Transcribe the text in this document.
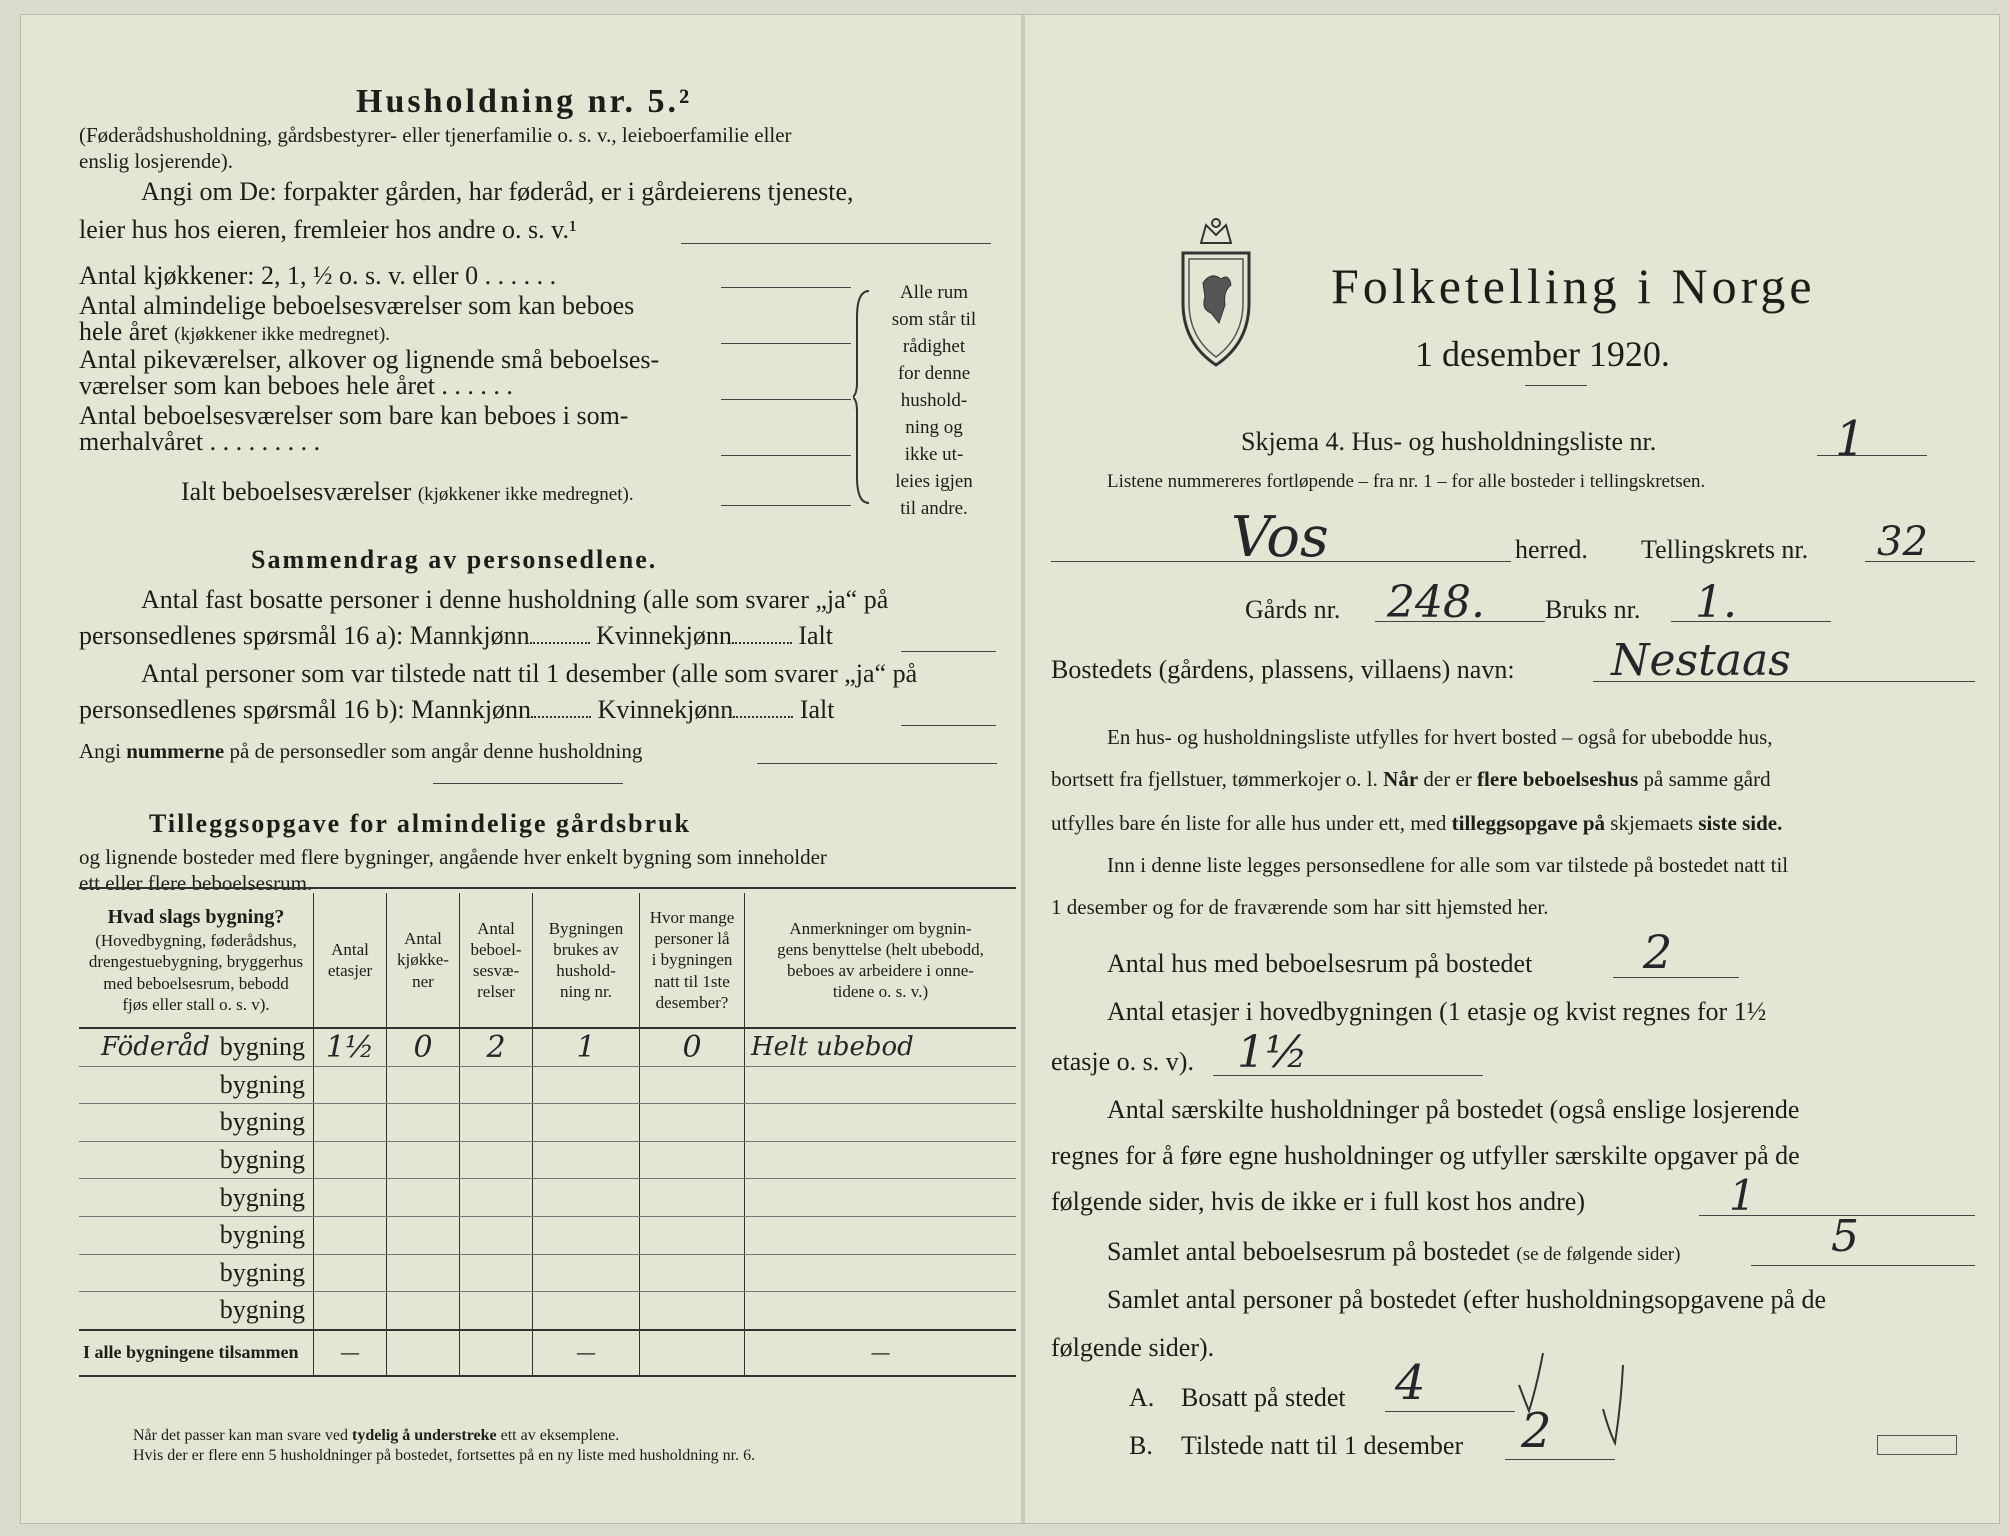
Husholdning nr. 5.²
(Føderådshusholdning, gårdsbestyrer- eller tjenerfamilie o. s. v., leieboerfamilie eller
enslig losjerende).
Angi om De: forpakter gården, har føderåd, er i gårdeierens tjeneste,
leier hus hos eieren, fremleier hos andre o. s. v.¹
Antal kjøkkener: 2, 1, ½ o. s. v. eller 0 . . . . . .
Antal almindelige beboelsesværelser som kan beboes
hele året (kjøkkener ikke medregnet).
Antal pikeværelser, alkover og lignende små beboelses-
værelser som kan beboes hele året . . . . . .
Antal beboelsesværelser som bare kan beboes i som-
merhalvåret . . . . . . . . .
Ialt beboelsesværelser (kjøkkener ikke medregnet).
Alle rum
som står til
rådighet
for denne
hushold-
ning og
ikke ut-
leies igjen
til andre.
Sammendrag av personsedlene.
Antal fast bosatte personer i denne husholdning (alle som svarer „ja“ på
personsedlenes spørsmål 16 a): Mannkjønn	Kvinnekjønn	Ialt
Antal personer som var tilstede natt til 1 desember (alle som svarer „ja“ på
personsedlenes spørsmål 16 b): Mannkjønn	Kvinnekjønn	Ialt
Angi nummerne på de personsedler som angår denne husholdning
Tilleggsopgave for almindelige gårdsbruk
og lignende bosteder med flere bygninger, angående hver enkelt bygning som inneholder
ett eller flere beboelsesrum.
Hvad slags bygning?
(Hovedbygning, føderådshus,
drengestuebygning, bryggerhus
med beboelsesrum, bebodd
fjøs eller stall o. s. v).	Antal
etasjer	Antal
kjøkke-
ner	Antal
beboel-
sesvæ-
relser	Bygningen
brukes av
hushold-
ning nr.	Hvor mange
personer lå
i bygningen
natt til 1ste
desember?	Anmerkninger om bygnin-
gens benyttelse (helt ubebodd,
beboes av arbeidere i onne-
tidene o. s. v.)

Föderåd bygning	1½	0	2	1	0	Helt ubebod
bygning						
bygning						
bygning						
bygning						
bygning						
bygning						
bygning						
I alle bygningene tilsammen	—			—		—
Når det passer kan man svare ved tydelig å understreke ett av eksemplene.
Hvis der er flere enn 5 husholdninger på bostedet, fortsettes på en ny liste med husholdning nr. 6.
Folketelling i Norge
1 desember 1920.
Skjema 4. Hus- og husholdningsliste nr.	1
Listene nummereres fortløpende – fra nr. 1 – for alle bosteder i tellingskretsen.
Vos	herred. Tellingskrets nr. 32
Gårds nr. 248. Bruks nr. 1.
Bostedets (gårdens, plassens, villaens) navn: Nestaas
En hus- og husholdningsliste utfylles for hvert bosted – også for ubebodde hus,
bortsett fra fjellstuer, tømmerkojer o. l. Når der er flere beboelseshus på samme gård
utfylles bare én liste for alle hus under ett, med tilleggsopgave på skjemaets siste side.
Inn i denne liste legges personsedlene for alle som var tilstede på bostedet natt til
1 desember og for de fraværende som har sitt hjemsted her.
Antal hus med beboelsesrum på bostedet 2
Antal etasjer i hovedbygningen (1 etasje og kvist regnes for 1½
etasje o. s. v). 1½
Antal særskilte husholdninger på bostedet (også enslige losjerende
regnes for å føre egne husholdninger og utfyller særskilte opgaver på de
følgende sider, hvis de ikke er i full kost hos andre)	1
Samlet antal beboelsesrum på bostedet (se de følgende sider)	5
Samlet antal personer på bostedet (efter husholdningsopgavene på de
følgende sider).
A. Bosatt på stedet 4
B. Tilstede natt til 1 desember 2
